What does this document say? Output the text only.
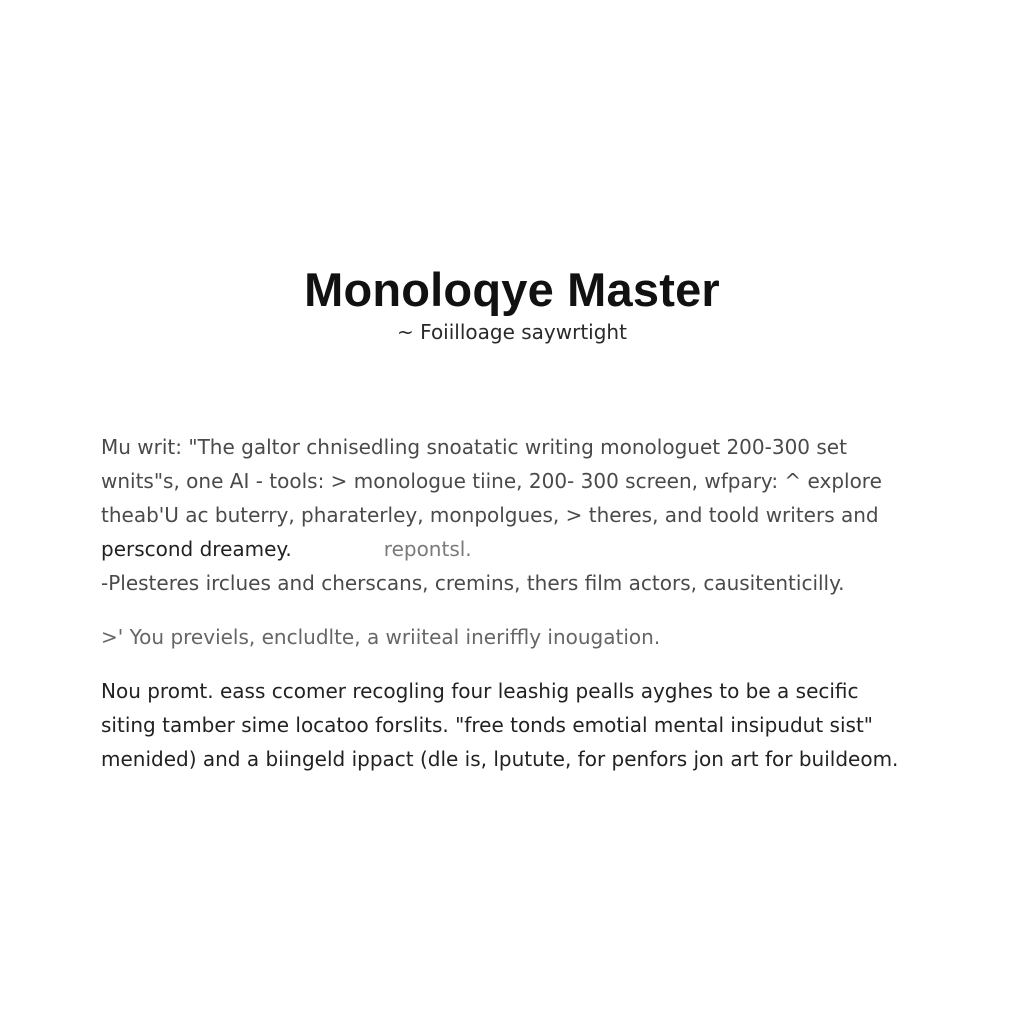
Monoloqye Master

~ Foiilloage saywrtight

Mu writ: "The galtor chnisedling snoatatic writing monologuet 200-300 set
wnits"s, one AI - tools: > monologue tiine, 200- 300 screen, wfpary: ^ explore
theab'U ac buterry, pharaterley, monpolgues, > theres, and toold writers and
perscond dreamey.	repontsl.
-Plesteres irclues and cherscans, cremins, thers film actors, causitenticilly.

>' You previels, encludlte, a wriiteal ineriffly inougation.

Nou promt. eass ccomer recogling four leashig pealls ayghes to be a secific
siting tamber sime locatoo forslits. "free tonds emotial mental insipudut sist"
menided) and a biingeld ippact (dle is, lputute, for penfors jon art for buildeom.
